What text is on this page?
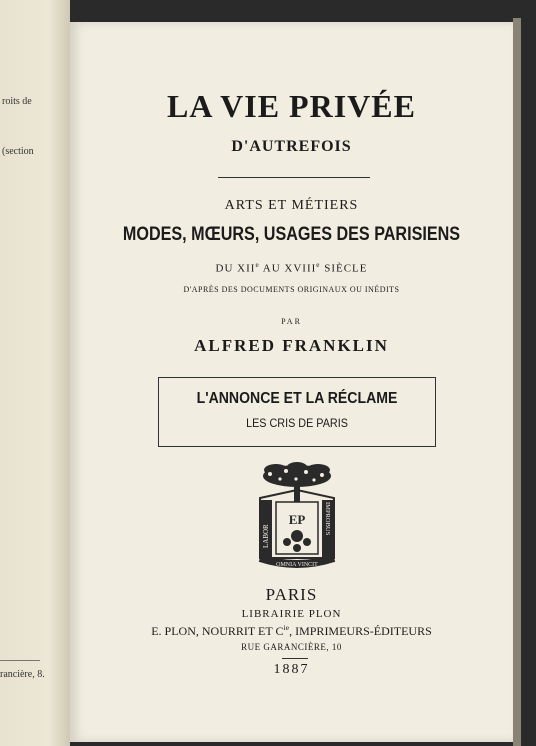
roits de
(section
rancière, 8.
LA VIE PRIVÉE
D'AUTREFOIS
ARTS ET MÉTIERS
MODES, MŒURS, USAGES DES PARISIENS
DU XIIe AU XVIIIe SIÈCLE
D'APRÈS DES DOCUMENTS ORIGINAUX OU INÉDITS
PAR
ALFRED FRANKLIN
L'ANNONCE ET LA RÉCLAME
LES CRIS DE PARIS
EP
LABOR
IMPROBUS
OMNIA VINCIT
PARIS
LIBRAIRIE PLON
E. PLON, NOURRIT ET $C^{ie}$, IMPRIMEURS-ÉDITEURS
RUE GARANCIÈRE, 10
1887
